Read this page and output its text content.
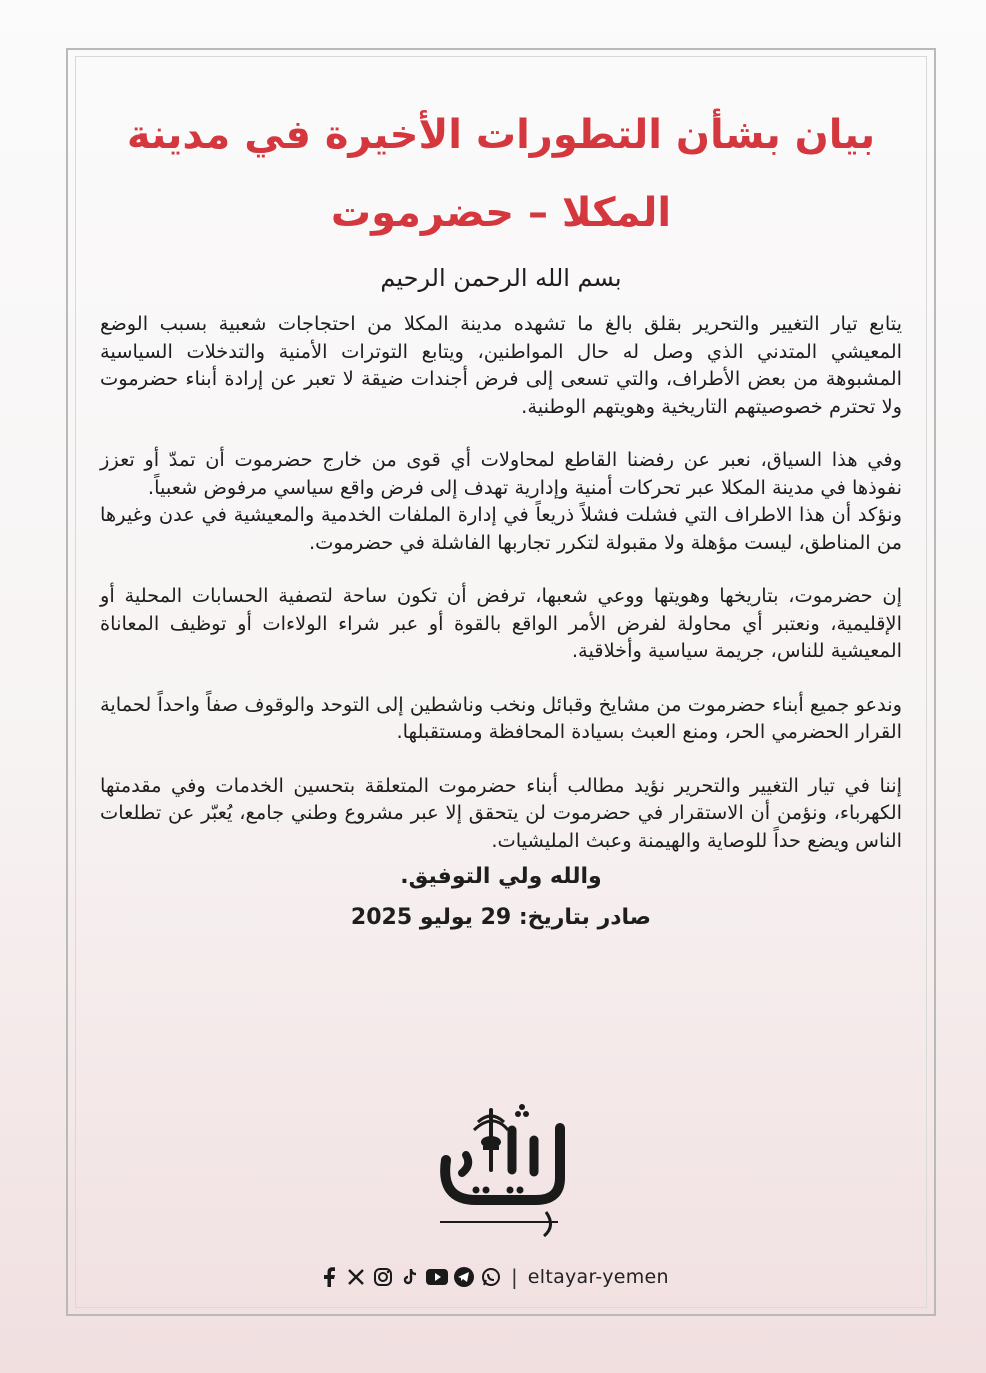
بيان بشأن التطورات الأخيرة في مدينة

المكلا – حضرموت

بسم الله الرحمن الرحيم

يتابع تيار التغيير والتحرير بقلق بالغ ما تشهده مدينة المكلا من احتجاجات شعبية بسبب الوضع المعيشي المتدني الذي وصل له حال المواطنين، ويتابع التوترات الأمنية والتدخلات السياسية المشبوهة من بعض الأطراف، والتي تسعى إلى فرض أجندات ضيقة لا تعبر عن إرادة أبناء حضرموت ولا تحترم خصوصيتهم التاريخية وهويتهم الوطنية.

وفي هذا السياق، نعبر عن رفضنا القاطع لمحاولات أي قوى من خارج حضرموت أن تمدّ أو تعزز نفوذها في مدينة المكلا عبر تحركات أمنية وإدارية تهدف إلى فرض واقع سياسي مرفوض شعبياً.

ونؤكد أن هذا الاطراف التي فشلت فشلاً ذريعاً في إدارة الملفات الخدمية والمعيشية في عدن وغيرها من المناطق، ليست مؤهلة ولا مقبولة لتكرر تجاربها الفاشلة في حضرموت.

إن حضرموت، بتاريخها وهويتها ووعي شعبها، ترفض أن تكون ساحة لتصفية الحسابات المحلية أو الإقليمية، ونعتبر أي محاولة لفرض الأمر الواقع بالقوة أو عبر شراء الولاءات أو توظيف المعاناة المعيشية للناس، جريمة سياسية وأخلاقية.

وندعو جميع أبناء حضرموت من مشايخ وقبائل ونخب وناشطين إلى التوحد والوقوف صفاً واحداً لحماية القرار الحضرمي الحر، ومنع العبث بسيادة المحافظة ومستقبلها.

إننا في تيار التغيير والتحرير نؤيد مطالب أبناء حضرموت المتعلقة بتحسين الخدمات وفي مقدمتها الكهرباء، ونؤمن أن الاستقرار في حضرموت لن يتحقق إلا عبر مشروع وطني جامع، يُعبّر عن تطلعات الناس ويضع حداً للوصاية والهيمنة وعبث المليشيات.

والله ولي التوفيق.

صادر بتاريخ: 29 يوليو 2025

| eltayar-yemen
